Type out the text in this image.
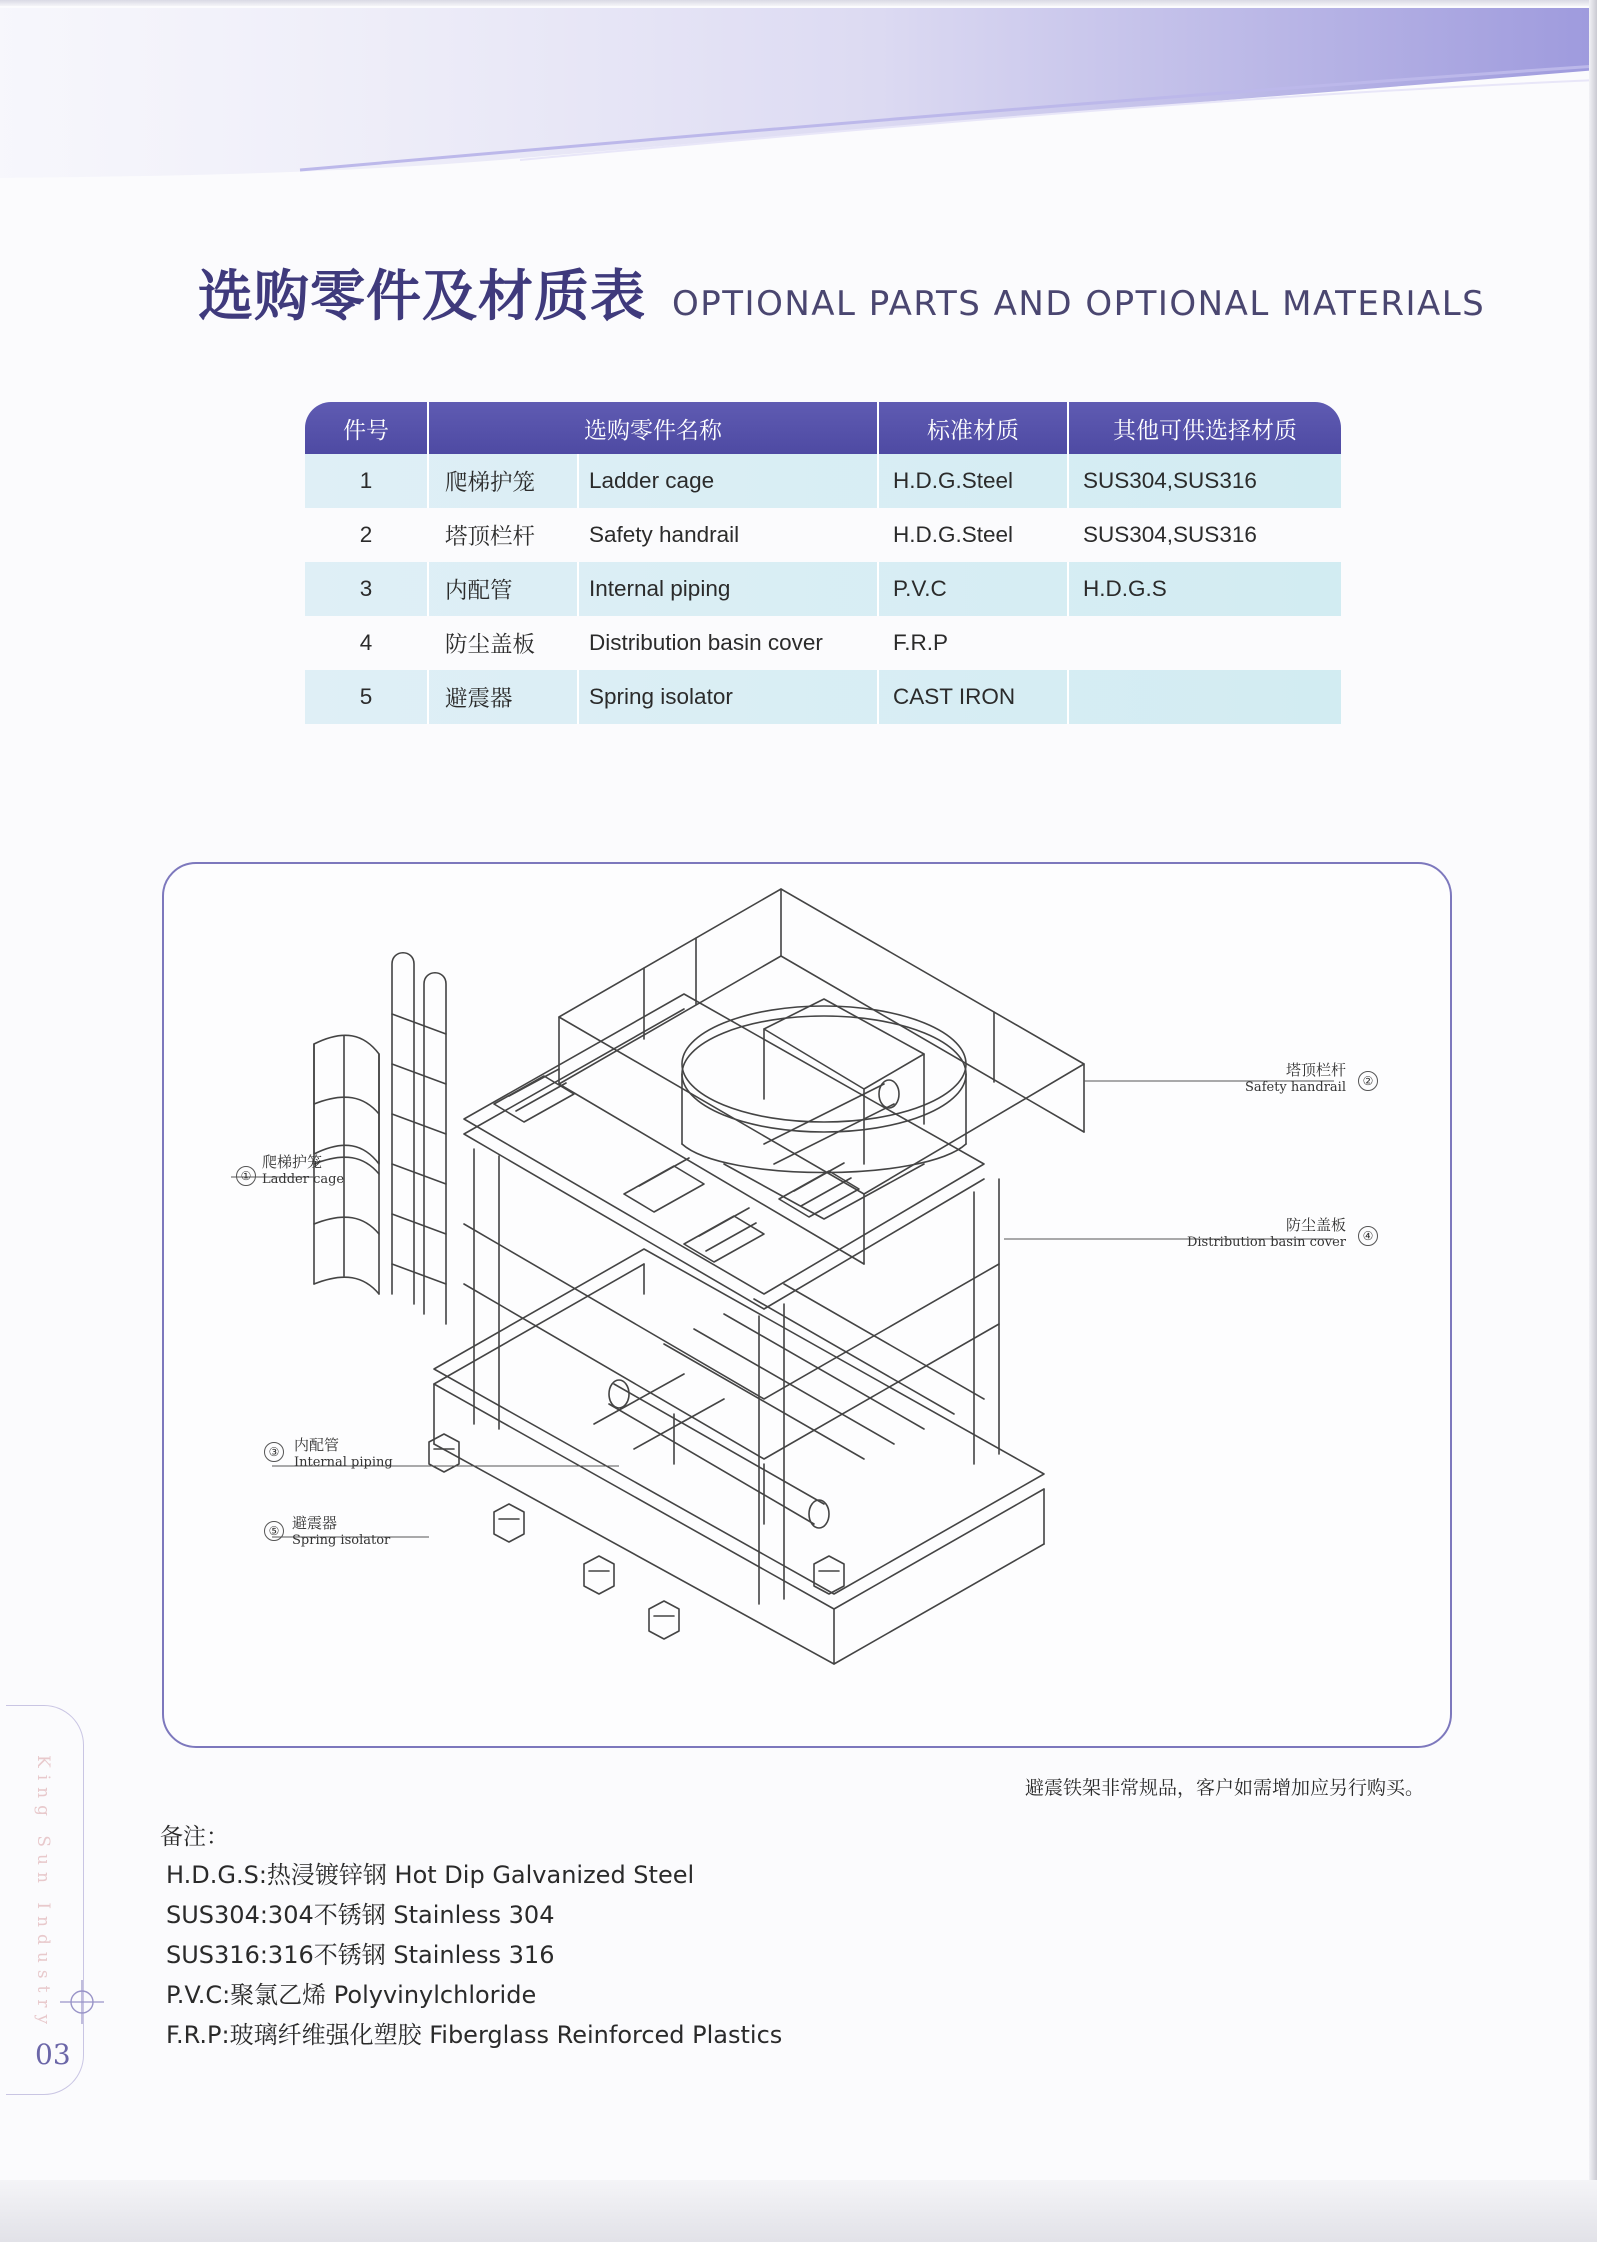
选购零件及材质表 OPTIONAL PARTS AND OPTIONAL MATERIALS
件号	选购零件名称	标准材质	其他可供选择材质
1	爬梯护笼	Ladder cage	H.D.G.Steel	SUS304,SUS316
2	塔顶栏杆	Safety handrail	H.D.G.Steel	SUS304,SUS316
3	内配管	Internal piping	P.V.C	H.D.G.S
4	防尘盖板	Distribution basin cover	F.R.P
5	避震器	Spring isolator	CAST IRON
①
爬梯护笼
Ladder cage
塔顶栏杆
Safety handrail	②
防尘盖板
Distribution basin cover	④
③ 内配管
Internal piping
⑤ 避震器
Spring isolator
避震铁架非常规品，客户如需增加应另行购买。
备注：
H.D.G.S:热浸镀锌钢 Hot Dip Galvanized Steel
SUS304:304不锈钢 Stainless 304
SUS316:316不锈钢 Stainless 316
P.V.C:聚氯乙烯 Polyvinylchloride
F.R.P:玻璃纤维强化塑胶 Fiberglass Reinforced Plastics
King Sun Industry
03
